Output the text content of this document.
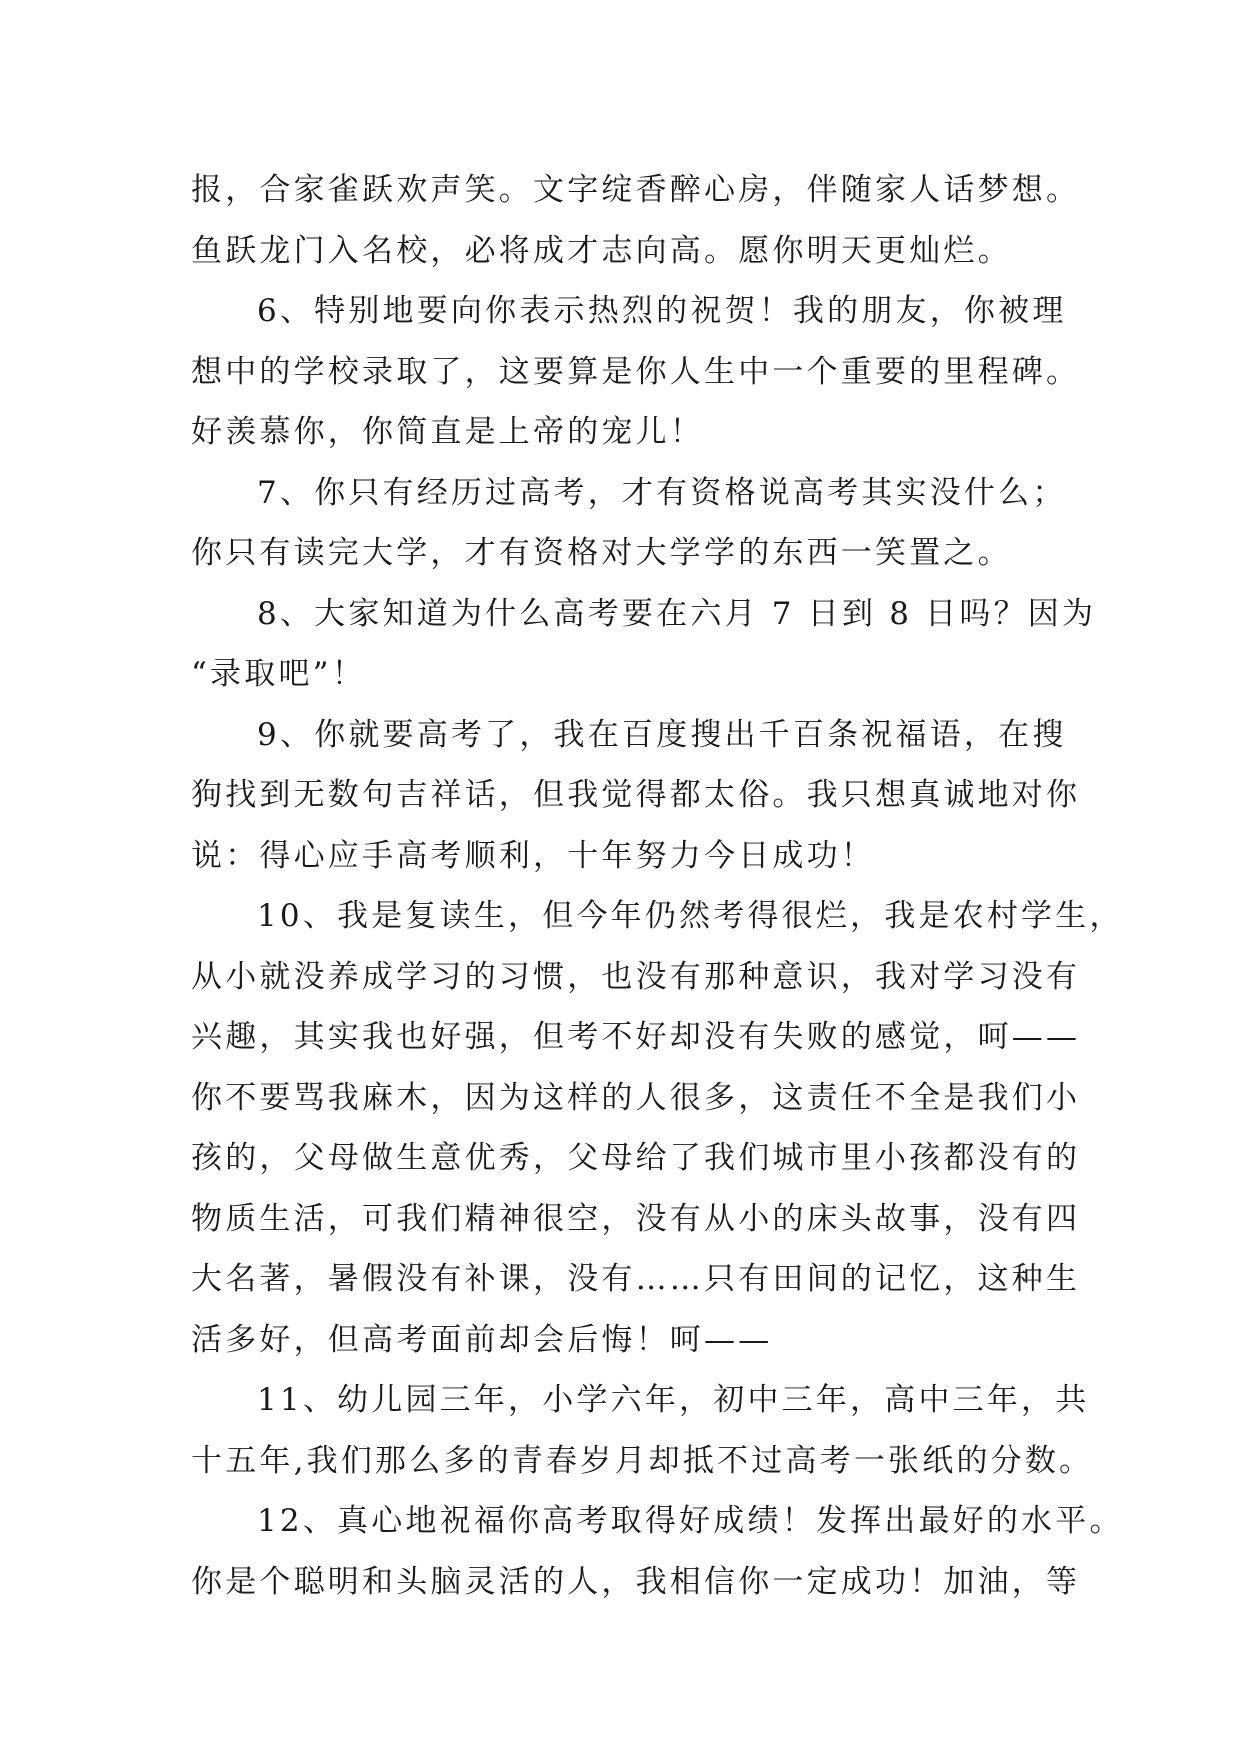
报，合家雀跃欢声笑。文字绽香醉心房，伴随家人话梦想。
鱼跃龙门入名校，必将成才志向高。愿你明天更灿烂。
6、特别地要向你表示热烈的祝贺！我的朋友，你被理
想中的学校录取了，这要算是你人生中一个重要的里程碑。
好羡慕你，你简直是上帝的宠儿！
7、你只有经历过高考，才有资格说高考其实没什么；
你只有读完大学，才有资格对大学学的东西一笑置之。
8、大家知道为什么高考要在六月 7 日到 8 日吗？因为
“录取吧”！
9、你就要高考了，我在百度搜出千百条祝福语，在搜
狗找到无数句吉祥话，但我觉得都太俗。我只想真诚地对你
说：得心应手高考顺利，十年努力今日成功！
10、我是复读生，但今年仍然考得很烂，我是农村学生，
从小就没养成学习的习惯，也没有那种意识，我对学习没有
兴趣，其实我也好强，但考不好却没有失败的感觉，呵——
你不要骂我麻木，因为这样的人很多，这责任不全是我们小
孩的，父母做生意优秀，父母给了我们城市里小孩都没有的
物质生活，可我们精神很空，没有从小的床头故事，没有四
大名著，暑假没有补课，没有……只有田间的记忆，这种生
活多好，但高考面前却会后悔！呵——
11、幼儿园三年，小学六年，初中三年，高中三年，共
十五年,我们那么多的青春岁月却抵不过高考一张纸的分数。
12、真心地祝福你高考取得好成绩！发挥出最好的水平。
你是个聪明和头脑灵活的人，我相信你一定成功！加油，等
